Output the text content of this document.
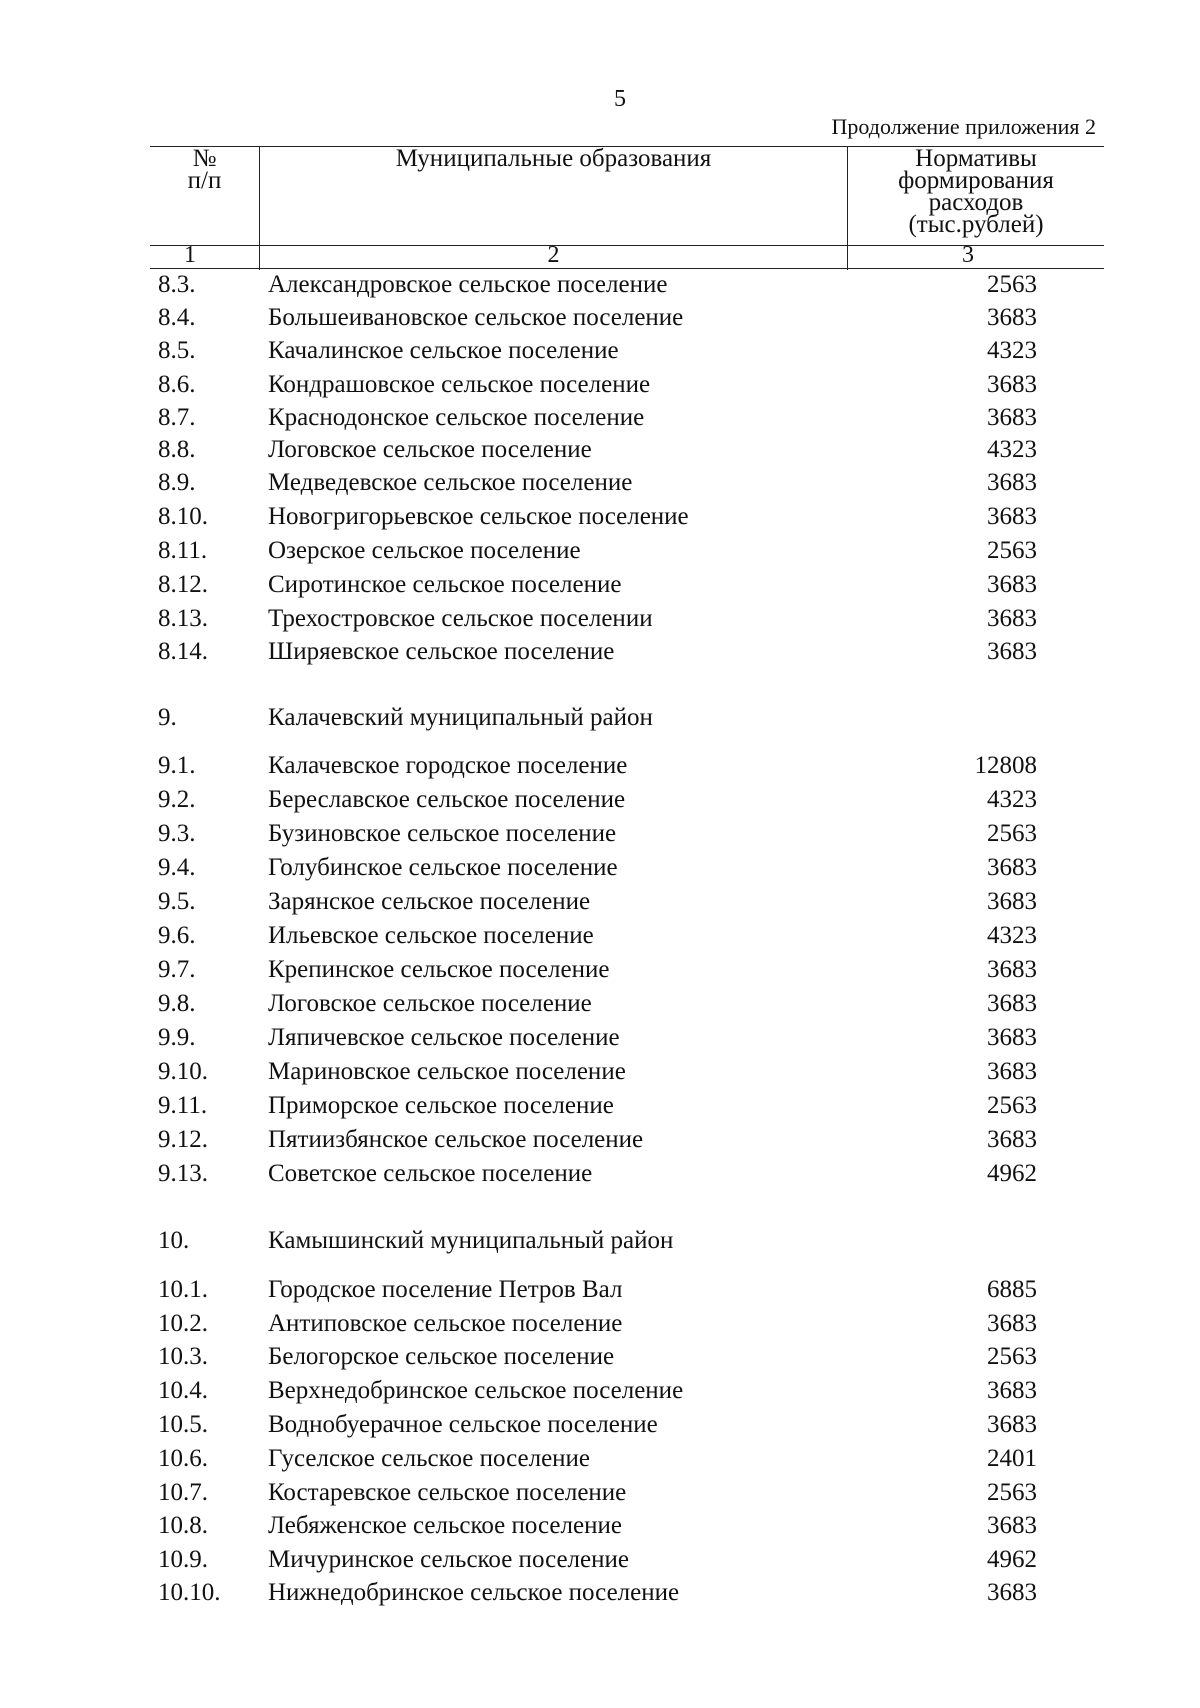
5
Продолжение приложения 2
№
п/п
Муниципальные образования	Нормативы
формирования
расходов
(тыс.рублей)
1	2	3
8.3.	Александровское сельское поселение	2563
8.4.	Большеивановское сельское поселение	3683
8.5.	Качалинское сельское поселение	4323
8.6.	Кондрашовское сельское поселение	3683
8.7.	Краснодонское сельское поселение	3683
8.8.	Логовское сельское поселение	4323
8.9.	Медведевское сельское поселение	3683
8.10. Новогригорьевское сельское поселение	3683
8.11. Озерское сельское поселение	2563
8.12. Сиротинское сельское поселение	3683
8.13. Трехостровское сельское поселении	3683
8.14. Ширяевское сельское поселение	3683
9.	Калачевский муниципальный район
9.1.	Калачевское городское поселение	12808
9.2.	Береславское сельское поселение	4323
9.3.	Бузиновское сельское поселение	2563
9.4.	Голубинское сельское поселение	3683
9.5.	Зарянское сельское поселение	3683
9.6.	Ильевское сельское поселение	4323
9.7.	Крепинское сельское поселение	3683
9.8.	Логовское сельское поселение	3683
9.9.	Ляпичевское сельское поселение	3683
9.10. Мариновское сельское поселение	3683
9.11. Приморское сельское поселение	2563
9.12. Пятиизбянское сельское поселение	3683
9.13. Советское сельское поселение	4962
10.	Камышинский муниципальный район
10.1. Городское поселение Петров Вал	6885
10.2. Антиповское сельское поселение	3683
10.3. Белогорское сельское поселение	2563
10.4. Верхнедобринское сельское поселение	3683
10.5. Воднобуерачное сельское поселение	3683
10.6. Гуселское сельское поселение	2401
10.7. Костаревское сельское поселение	2563
10.8. Лебяженское сельское поселение	3683
10.9. Мичуринское сельское поселение	4962
10.10. Нижнедобринское сельское поселение	3683
